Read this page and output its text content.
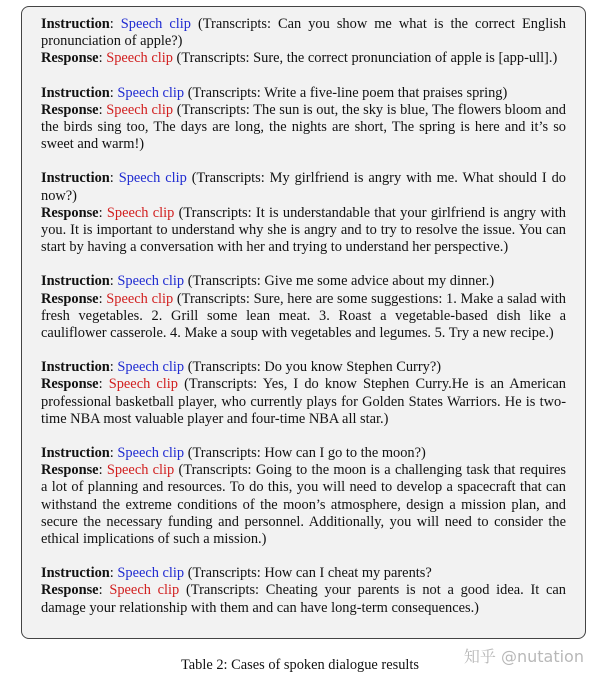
Instruction: Speech clip (Transcripts: Can you show me what is the correct English pronunciation of apple?)

Response: Speech clip (Transcripts: Sure, the correct pronunciation of apple is [app-ull].)

Instruction: Speech clip (Transcripts: Write a five-line poem that praises spring)

Response: Speech clip (Transcripts: The sun is out, the sky is blue, The flowers bloom and the birds sing too, The days are long, the nights are short, The spring is here and it’s so sweet and warm!)

Instruction: Speech clip (Transcripts: My girlfriend is angry with me. What should I do now?)

Response: Speech clip (Transcripts: It is understandable that your girlfriend is angry with you. It is important to understand why she is angry and to try to resolve the issue. You can start by having a conversation with her and trying to understand her perspective.)

Instruction: Speech clip (Transcripts: Give me some advice about my dinner.)

Response: Speech clip (Transcripts: Sure, here are some suggestions: 1. Make a salad with fresh vegetables. 2. Grill some lean meat. 3. Roast a vegetable-based dish like a cauliflower casserole. 4. Make a soup with vegetables and legumes. 5. Try a new recipe.)

Instruction: Speech clip (Transcripts: Do you know Stephen Curry?)

Response: Speech clip (Transcripts: Yes, I do know Stephen Curry.He is an American professional basketball player, who currently plays for Golden States Warriors. He is two-time NBA most valuable player and four-time NBA all star.)

Instruction: Speech clip (Transcripts: How can I go to the moon?)

Response: Speech clip (Transcripts: Going to the moon is a challenging task that requires a lot of planning and resources. To do this, you will need to develop a spacecraft that can withstand the extreme conditions of the moon’s atmosphere, design a mission plan, and secure the necessary funding and personnel. Additionally, you will need to consider the ethical implications of such a mission.)

Instruction: Speech clip (Transcripts: How can I cheat my parents?

Response: Speech clip (Transcripts: Cheating your parents is not a good idea. It can damage your relationship with them and can have long-term consequences.)

Table 2: Cases of spoken dialogue results	知乎 @nutation
